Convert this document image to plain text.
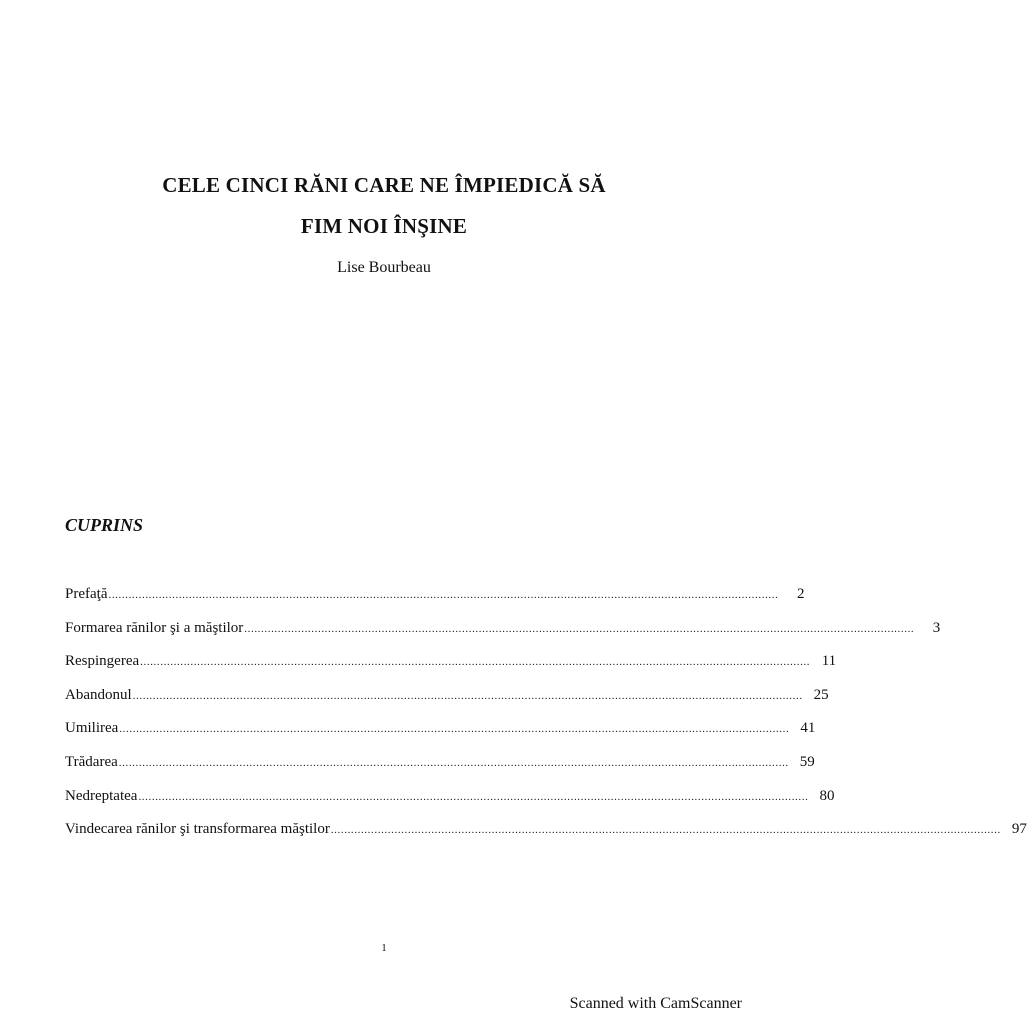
CELE CINCI RĂNI CARE NE ÎMPIEDICĂ SĂ
FIM NOI ÎNŞINE
Lise Bourbeau
CUPRINS
Prefaţă ........................................................................................................................................................................................................	2
Formarea rănilor şi a măştilor ........................................................................................................................................................................................................	3
Respingerea ........................................................................................................................................................................................................ 11
Abandonul ........................................................................................................................................................................................................ 25
Umilirea ........................................................................................................................................................................................................ 41
Trădarea ........................................................................................................................................................................................................ 59
Nedreptatea ........................................................................................................................................................................................................ 80
Vindecarea rănilor şi transformarea măştilor ........................................................................................................................................................................................................ 97
1
Scanned with CamScanner
